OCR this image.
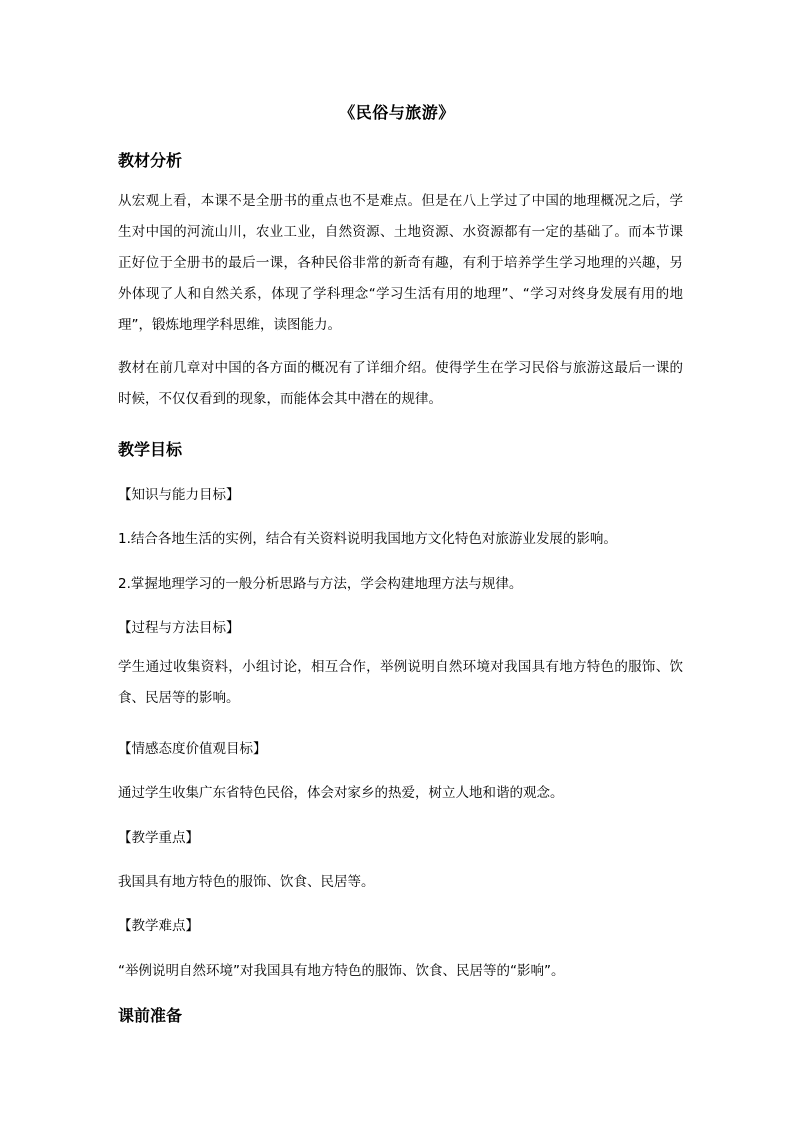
《民俗与旅游》
教材分析
从宏观上看，本课不是全册书的重点也不是难点。但是在八上学过了中国的地理概况之后，学生对中国的河流山川，农业工业，自然资源、土地资源、水资源都有一定的基础了。而本节课正好位于全册书的最后一课，各种民俗非常的新奇有趣，有利于培养学生学习地理的兴趣，另外体现了人和自然关系，体现了学科理念“学习生活有用的地理”、“学习对终身发展有用的地理”，锻炼地理学科思维，读图能力。
教材在前几章对中国的各方面的概况有了详细介绍。使得学生在学习民俗与旅游这最后一课的时候，不仅仅看到的现象，而能体会其中潜在的规律。
教学目标
【知识与能力目标】
1.结合各地生活的实例，结合有关资料说明我国地方文化特色对旅游业发展的影响。
2.掌握地理学习的一般分析思路与方法，学会构建地理方法与规律。
【过程与方法目标】
学生通过收集资料，小组讨论，相互合作，举例说明自然环境对我国具有地方特色的服饰、饮食、民居等的影响。
【情感态度价值观目标】
通过学生收集广东省特色民俗，体会对家乡的热爱，树立人地和谐的观念。
【教学重点】
我国具有地方特色的服饰、饮食、民居等。
【教学难点】
“举例说明自然环境”对我国具有地方特色的服饰、饮食、民居等的“影响”。
课前准备
